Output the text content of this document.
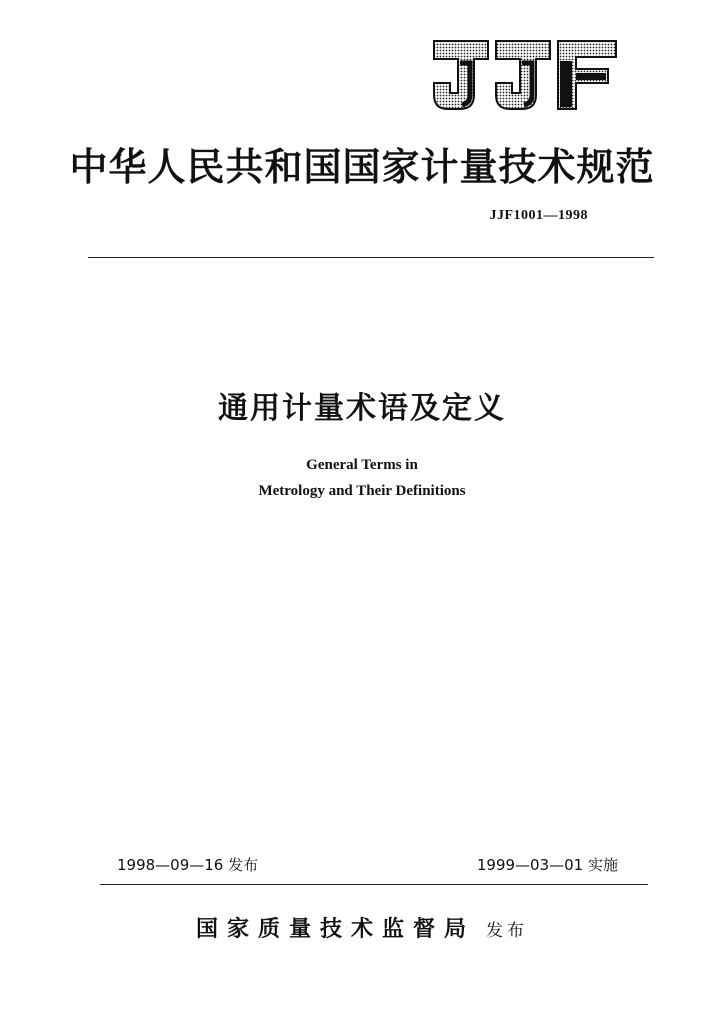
中华人民共和国国家计量技术规范
JJF1001—1998
通用计量术语及定义
General Terms in
Metrology and Their Definitions
1998—09—16 发布	1999—03—01 实施
国家质量技术监督局 发布
